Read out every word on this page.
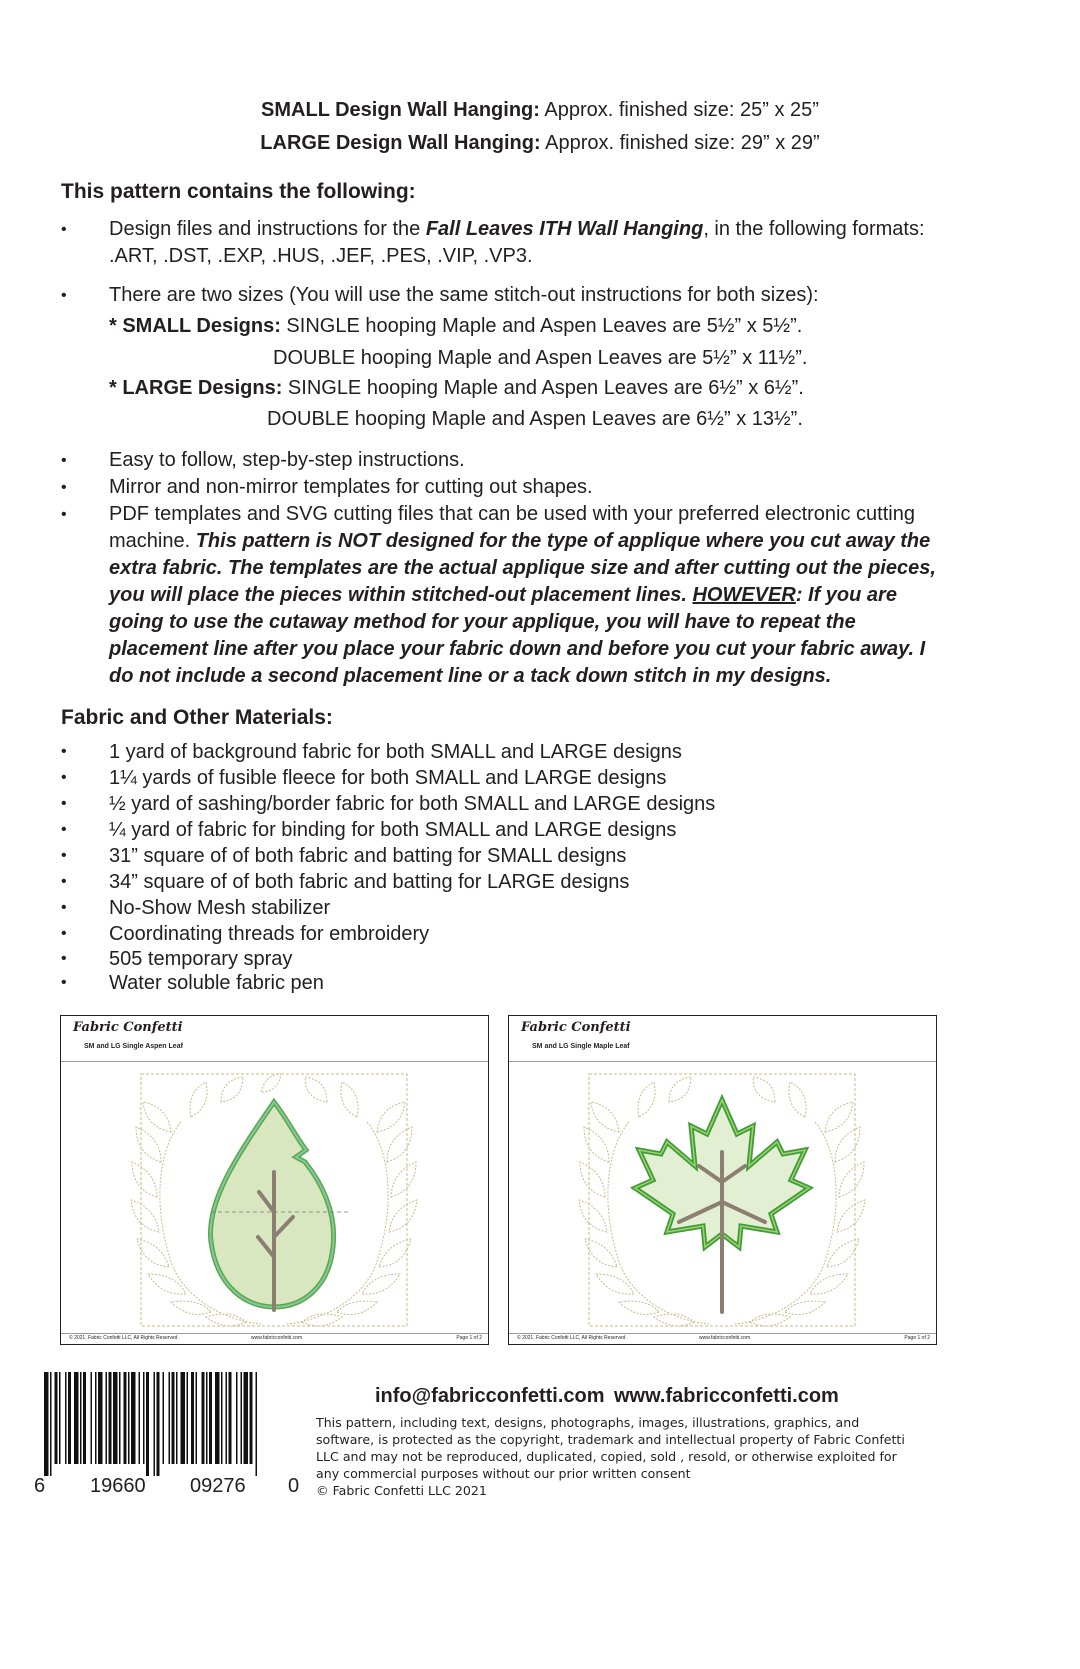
SMALL Design Wall Hanging: Approx. finished size: 25” x 25”
LARGE Design Wall Hanging: Approx. finished size: 29” x 29”
This pattern contains the following:
• Design files and instructions for the Fall Leaves ITH Wall Hanging, in the following formats: .ART, .DST, .EXP, .HUS, .JEF, .PES, .VIP, .VP3.
• There are two sizes (You will use the same stitch-out instructions for both sizes):
* SMALL Designs: SINGLE hooping Maple and Aspen Leaves are 5½” x 5½”.
DOUBLE hooping Maple and Aspen Leaves are 5½” x 11½”.
* LARGE Designs: SINGLE hooping Maple and Aspen Leaves are 6½” x 6½”.
DOUBLE hooping Maple and Aspen Leaves are 6½” x 13½”.
• Easy to follow, step-by-step instructions.
• Mirror and non-mirror templates for cutting out shapes.
• PDF templates and SVG cutting files that can be used with your preferred electronic cutting machine. This pattern is NOT designed for the type of applique where you cut away the extra fabric. The templates are the actual applique size and after cutting out the pieces, you will place the pieces within stitched-out placement lines. HOWEVER: If you are going to use the cutaway method for your applique, you will have to repeat the placement line after you place your fabric down and before you cut your fabric away. I do not include a second placement line or a tack down stitch in my designs.
Fabric and Other Materials:
• 1 yard of background fabric for both SMALL and LARGE designs
• 1¼ yards of fusible fleece for both SMALL and LARGE designs
• ½ yard of sashing/border fabric for both SMALL and LARGE designs
• ¼ yard of fabric for binding for both SMALL and LARGE designs
• 31” square of of both fabric and batting for SMALL designs
• 34” square of of both fabric and batting for LARGE designs
• No-Show Mesh stabilizer
• Coordinating threads for embroidery
• 505 temporary spray
• Water soluble fabric pen
Fabric Confetti
SM and LG Single Aspen Leaf
© 2021, Fabric Confetti LLC, All Rights Reserved	www.fabricconfetti.com	Page 1 of 2
Fabric Confetti
SM and LG Single Maple Leaf
© 2021, Fabric Confetti LLC, All Rights Reserved	www.fabricconfetti.com	Page 1 of 2
6 19660 09276 0
info@fabricconfetti.com www.fabricconfetti.com
This pattern, including text, designs, photographs, images, illustrations, graphics, and software, is protected as the copyright, trademark and intellectual property of Fabric Confetti LLC and may not be reproduced, duplicated, copied, sold , resold, or otherwise exploited for any commercial purposes without our prior written consent
© Fabric Confetti LLC 2021
